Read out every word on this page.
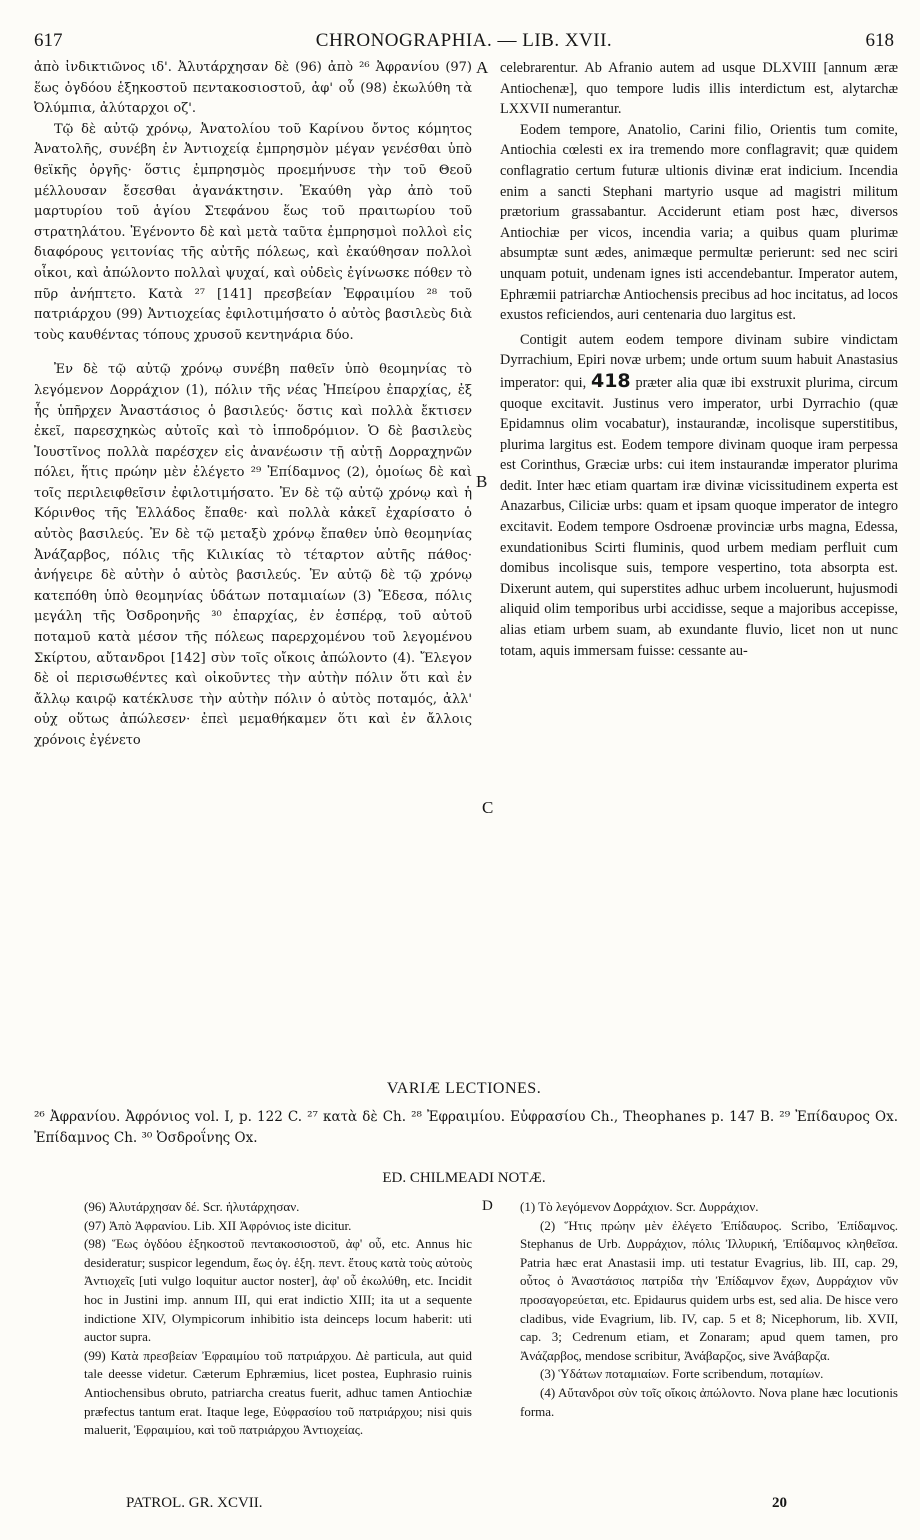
617	CHRONOGRAPHIA. — LIB. XVII.	618

ἀπὸ ἰνδικτιῶνος ιδ'. Ἀλυτάρχησαν δὲ (96) ἀπὸ ²⁶ Ἀφρανίου (97) ἕως ὀγδόου ἑξηκοστοῦ πεντακοσιοστοῦ, ἀφ' οὗ (98) ἐκωλύθη τὰ Ὀλύμπια, ἀλύταρχοι οζ'.

Τῷ δὲ αὐτῷ χρόνῳ, Ἀνατολίου τοῦ Καρίνου ὄντος κόμητος Ἀνατολῆς, συνέβη ἐν Ἀντιοχείᾳ ἐμπρησμὸν μέγαν γενέσθαι ὑπὸ θεϊκῆς ὀργῆς· ὅστις ἐμπρησμὸς προεμήνυσε τὴν τοῦ Θεοῦ μέλλουσαν ἔσεσθαι ἀγανάκτησιν. Ἐκαύθη γὰρ ἀπὸ τοῦ μαρτυρίου τοῦ ἁγίου Στεφάνου ἕως τοῦ πραιτωρίου τοῦ στρατηλάτου. Ἐγένοντο δὲ καὶ μετὰ ταῦτα ἐμπρησμοὶ πολλοὶ εἰς διαφόρους γειτονίας τῆς αὐτῆς πόλεως, καὶ ἐκαύθησαν πολλοὶ οἶκοι, καὶ ἀπώλοντο πολλαὶ ψυχαί, καὶ οὐδεὶς ἐγίνωσκε πόθεν τὸ πῦρ ἀνήπτετο. Κατὰ ²⁷ [141] πρεσβείαν Ἐφραιμίου ²⁸ τοῦ πατριάρχου (99) Ἀντιοχείας ἐφιλοτιμήσατο ὁ αὐτὸς βασιλεὺς διὰ τοὺς καυθέντας τόπους χρυσοῦ κεντηνάρια δύο.

Ἐν δὲ τῷ αὐτῷ χρόνῳ συνέβη παθεῖν ὑπὸ θεομηνίας τὸ λεγόμενον Δορράχιον (1), πόλιν τῆς νέας Ἠπείρου ἐπαρχίας, ἐξ ἧς ὑπῆρχεν Ἀναστάσιος ὁ βασιλεύς· ὅστις καὶ πολλὰ ἔκτισεν ἐκεῖ, παρεσχηκὼς αὐτοῖς καὶ τὸ ἱπποδρόμιον. Ὁ δὲ βασιλεὺς Ἰουστῖνος πολλὰ παρέσχεν εἰς ἀνανέωσιν τῇ αὐτῇ Δορραχηνῶν πόλει, ἥτις πρώην μὲν ἐλέγετο ²⁹ Ἐπίδαμνος (2), ὁμοίως δὲ καὶ τοῖς περιλειφθεῖσιν ἐφιλοτιμήσατο. Ἐν δὲ τῷ αὐτῷ χρόνῳ καὶ ἡ Κόρινθος τῆς Ἑλλάδος ἔπαθε· καὶ πολλὰ κἀκεῖ ἐχαρίσατο ὁ αὐτὸς βασιλεύς. Ἐν δὲ τῷ μεταξὺ χρόνῳ ἔπαθεν ὑπὸ θεομηνίας Ἀνάζαρβος, πόλις τῆς Κιλικίας τὸ τέταρτον αὐτῆς πάθος· ἀνήγειρε δὲ αὐτὴν ὁ αὐτὸς βασιλεύς. Ἐν αὐτῷ δὲ τῷ χρόνῳ κατεπόθη ὑπὸ θεομηνίας ὑδάτων ποταμιαίων (3) Ἔδεσα, πόλις μεγάλη τῆς Ὀσδροηνῆς ³⁰ ἐπαρχίας, ἐν ἑσπέρᾳ, τοῦ αὐτοῦ ποταμοῦ κατὰ μέσον τῆς πόλεως παρερχομένου τοῦ λεγομένου Σκίρτου, αὔτανδροι [142] σὺν τοῖς οἴκοις ἀπώλοντο (4). Ἔλεγον δὲ οἱ περισωθέντες καὶ οἰκοῦντες τὴν αὐτὴν πόλιν ὅτι καὶ ἐν ἄλλῳ καιρῷ κατέκλυσε τὴν αὐτὴν πόλιν ὁ αὐτὸς ποταμός, ἀλλ' οὐχ οὕτως ἀπώλεσεν· ἐπεὶ μεμαθήκαμεν ὅτι καὶ ἐν ἄλλοις χρόνοις ἐγένετο

A
B
C

celebrarentur. Ab Afranio autem ad usque DLXVIII [annum æræ Antiochenæ], quo tempore ludis illis interdictum est, alytarchæ LXXVII numerantur.

Eodem tempore, Anatolio, Carini filio, Orientis tum comite, Antiochia cœlesti ex ira tremendo more conflagravit; quæ quidem conflagratio certum futuræ ultionis divinæ erat indicium. Incendia enim a sancti Stephani martyrio usque ad magistri militum prætorium grassabantur. Acciderunt etiam post hæc, diversos Antiochiæ per vicos, incendia varia; a quibus quam plurimæ absumptæ sunt ædes, animæque permultæ perierunt: sed nec sciri unquam potuit, undenam ignes isti accendebantur. Imperator autem, Ephræmii patriarchæ Antiochensis precibus ad hoc incitatus, ad locos exustos reficiendos, auri centenaria duo largitus est.

Contigit autem eodem tempore divinam subire vindictam Dyrrachium, Epiri novæ urbem; unde ortum suum habuit Anastasius imperator: qui, 418 præter alia quæ ibi exstruxit plurima, circum quoque excitavit. Justinus vero imperator, urbi Dyrrachio (quæ Epidamnus olim vocabatur), instaurandæ, incolisque superstitibus, plurima largitus est. Eodem tempore divinam quoque iram perpessa est Corinthus, Græciæ urbs: cui item instaurandæ imperator plurima dedit. Inter hæc etiam quartam iræ divinæ vicissitudinem experta est Anazarbus, Ciliciæ urbs: quam et ipsam quoque imperator de integro excitavit. Eodem tempore Osdroenæ provinciæ urbs magna, Edessa, exundationibus Scirti fluminis, quod urbem mediam perfluit cum domibus incolisque suis, tempore vespertino, tota absorpta est. Dixerunt autem, qui superstites adhuc urbem incoluerunt, hujusmodi aliquid olim temporibus urbi accidisse, seque a majoribus accepisse, alias etiam urbem suam, ab exundante fluvio, licet non ut nunc totam, aquis immersam fuisse: cessante au-

VARIÆ LECTIONES.
²⁶ Ἀφρανίου. Ἀφρόνιος vol. I, p. 122 C. ²⁷ κατὰ δὲ Ch. ²⁸ Ἐφραιμίου. Εὐφρασίου Ch., Theophanes p. 147 B. ²⁹ Ἐπίδαυρος Ox. Ἐπίδαμνος Ch. ³⁰ Ὀσδροΐνης Ox.
ED. CHILMEADI NOTÆ.
D

(96) Ἀλυτάρχησαν δέ. Scr. ἡλυτάρχησαν.

(97) Ἀπὸ Ἀφρανίου. Lib. XII Ἀφρόνιος iste dicitur.

(98) Ἕως ὀγδόου ἑξηκοστοῦ πεντακοσιοστοῦ, ἀφ' οὗ, etc. Annus hic desideratur; suspicor legendum, ἕως ὀγ. ἑξη. πεντ. ἔτους κατὰ τοὺς αὐτοὺς Ἀντιοχεῖς [uti vulgo loquitur auctor noster], ἀφ' οὗ ἐκωλύθη, etc. Incidit hoc in Justini imp. annum III, qui erat indictio XIII; ita ut a sequente indictione XIV, Olympicorum inhibitio ista deinceps locum haberit: uti auctor supra.

(99) Κατὰ πρεσβείαν Ἐφραιμίου τοῦ πατριάρχου. Δὲ particula, aut quid tale deesse videtur. Cæterum Ephræmius, licet postea, Euphrasio ruinis Antiochensibus obruto, patriarcha creatus fuerit, adhuc tamen Antiochiæ præfectus tantum erat. Itaque lege, Εὐφρασίου τοῦ πατριάρχου; nisi quis maluerit, Ἐφραιμίου, καὶ τοῦ πατριάρχου Ἀντιοχείας.

(1) Τὸ λεγόμενον Δορράχιον. Scr. Δυρράχιον.

(2) Ἥτις πρώην μὲν ἐλέγετο Ἐπίδαυρος. Scribo, Ἐπίδαμνος. Stephanus de Urb. Δυρράχιον, πόλις Ἰλλυρική, Ἐπίδαμνος κληθεῖσα. Patria hæc erat Anastasii imp. uti testatur Evagrius, lib. III, cap. 29, οὗτος ὁ Ἀναστάσιος πατρίδα τὴν Ἐπίδαμνον ἔχων, Δυρράχιον νῦν προσαγορεύεται, etc. Epidaurus quidem urbs est, sed alia. De hisce vero cladibus, vide Evagrium, lib. IV, cap. 5 et 8; Nicephorum, lib. XVII, cap. 3; Cedrenum etiam, et Zonaram; apud quem tamen, pro Ἀνάζαρβος, mendose scribitur, Ἀνάβαρζος, sive Ἀνάβαρζα.

(3) Ὑδάτων ποταμιαίων. Forte scribendum, ποταμίων.

(4) Αὔτανδροι σὺν τοῖς οἴκοις ἀπώλοντο. Nova plane hæc locutionis forma.

PATROL. GR. XCVII.	20
